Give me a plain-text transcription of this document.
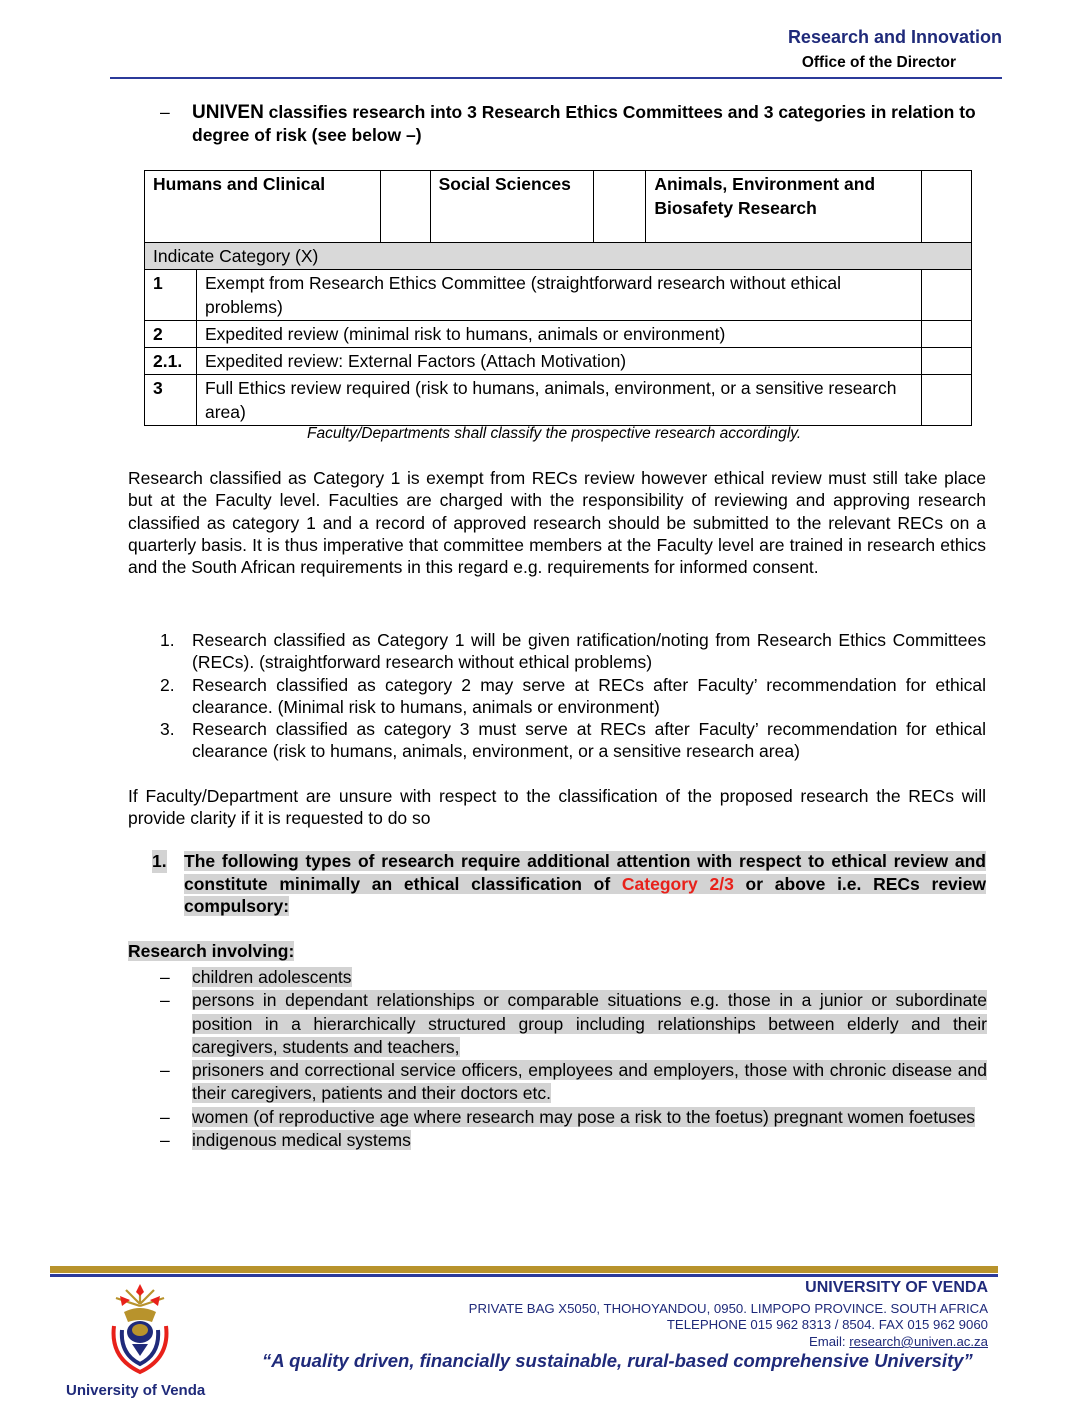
Research and Innovation
Office of the Director
– UNIVEN classifies research into 3 Research Ethics Committees and 3 categories in relation to degree of risk (see below –)
Humans and Clinical			Social Sciences		Animals, Environment and Biosafety Research	
Indicate Category (X)						
1	Exempt from Research Ethics Committee (straightforward research without ethical problems)					
2	Expedited review (minimal risk to humans, animals or environment)					
2.1.	Expedited review: External Factors (Attach Motivation)					
3	Full Ethics review required (risk to humans, animals, environment, or a sensitive research area)					
Faculty/Departments shall classify the prospective research accordingly.
Research classified as Category 1 is exempt from RECs review however ethical review must still take place but at the Faculty level. Faculties are charged with the responsibility of reviewing and approving research classified as category 1 and a record of approved research should be submitted to the relevant RECs on a quarterly basis. It is thus imperative that committee members at the Faculty level are trained in research ethics and the South African requirements in this regard e.g. requirements for informed consent.
1. Research classified as Category 1 will be given ratification/noting from Research Ethics Committees (RECs). (straightforward research without ethical problems)
2. Research classified as category 2 may serve at RECs after Faculty’ recommendation for ethical clearance. (Minimal risk to humans, animals or environment)
3. Research classified as category 3 must serve at RECs after Faculty’ recommendation for ethical clearance (risk to humans, animals, environment, or a sensitive research area)
If Faculty/Department are unsure with respect to the classification of the proposed research the RECs will provide clarity if it is requested to do so
1. The following types of research require additional attention with respect to ethical review and constitute minimally an ethical classification of Category 2/3 or above i.e. RECs review compulsory:
Research involving:
– children adolescents
– persons in dependant relationships or comparable situations e.g. those in a junior or subordinate position in a hierarchically structured group including relationships between elderly and their caregivers, students and teachers,
– prisoners and correctional service officers, employees and employers, those with chronic disease and their caregivers, patients and their doctors etc.
– women (of reproductive age where research may pose a risk to the foetus) pregnant women foetuses
– indigenous medical systems
University of Venda
UNIVERSITY OF VENDA
PRIVATE BAG X5050, THOHOYANDOU, 0950. LIMPOPO PROVINCE. SOUTH AFRICA
TELEPHONE 015 962 8313 / 8504. FAX 015 962 9060
Email: research@univen.ac.za
“A quality driven, financially sustainable, rural-based comprehensive University”
